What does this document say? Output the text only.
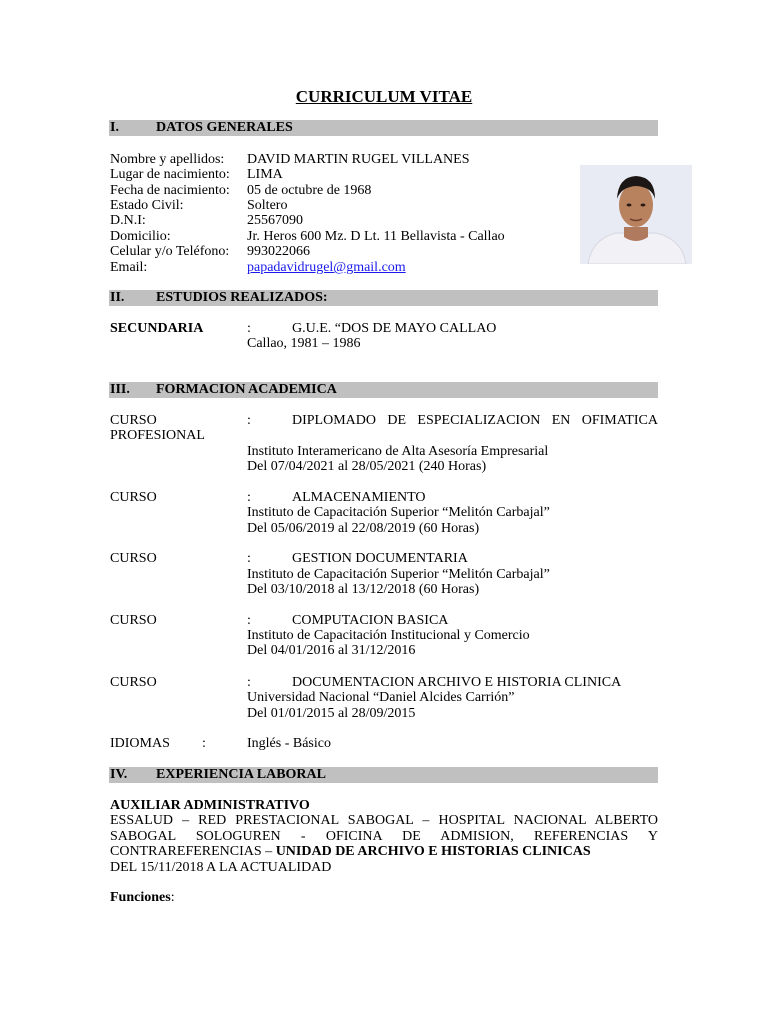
CURRICULUM VITAE
I.	DATOS GENERALES
Nombre y apellidos: DAVID MARTIN RUGEL VILLANES
Lugar de nacimiento: LIMA
Fecha de nacimiento: 05 de octubre de 1968
Estado Civil:	Soltero
D.N.I:	25567090
Domicilio:	Jr. Heros 600 Mz. D Lt. 11 Bellavista - Callao
Celular y/o Teléfono: 993022066
Email:	papadavidrugel@gmail.com
II. ESTUDIOS REALIZADOS:
SECUNDARIA	:	G.U.E. “DOS DE MAYO CALLAO
Callao, 1981 – 1986
III. FORMACION ACADEMICA
CURSO	:	DIPLOMADO DE ESPECIALIZACION EN OFIMATICA
PROFESIONAL
Instituto Interamericano de Alta Asesoría Empresarial
Del 07/04/2021 al 28/05/2021 (240 Horas)
CURSO	:	ALMACENAMIENTO
Instituto de Capacitación Superior “Melitón Carbajal”
Del 05/06/2019 al 22/08/2019 (60 Horas)
CURSO	:	GESTION DOCUMENTARIA
Instituto de Capacitación Superior “Melitón Carbajal”
Del 03/10/2018 al 13/12/2018 (60 Horas)
CURSO	:	COMPUTACION BASICA
Instituto de Capacitación Institucional y Comercio
Del 04/01/2016 al 31/12/2016
CURSO	:	DOCUMENTACION ARCHIVO E HISTORIA CLINICA
Universidad Nacional “Daniel Alcides Carrión”
Del 01/01/2015 al 28/09/2015
IDIOMAS :	Inglés - Básico
IV. EXPERIENCIA LABORAL
AUXILIAR ADMINISTRATIVO
ESSALUD – RED PRESTACIONAL SABOGAL – HOSPITAL NACIONAL ALBERTO
SABOGAL SOLOGUREN - OFICINA DE ADMISION, REFERENCIAS Y
CONTRAREFERENCIAS – UNIDAD DE ARCHIVO E HISTORIAS CLINICAS
DEL 15/11/2018 A LA ACTUALIDAD
Funciones:
